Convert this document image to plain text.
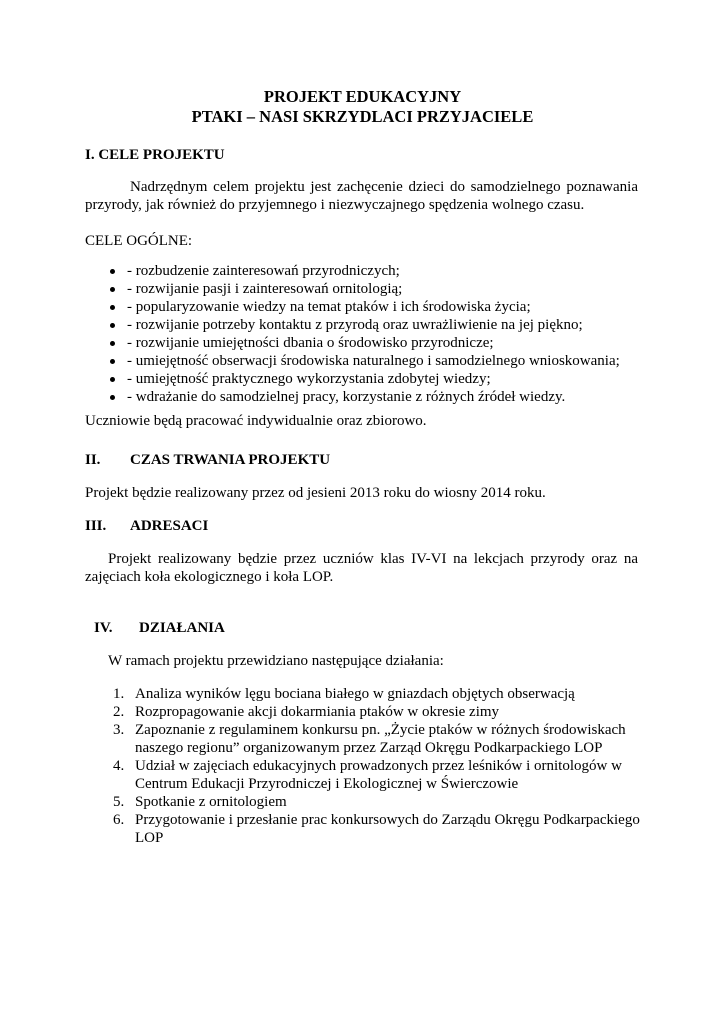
PROJEKT EDUKACYJNY
PTAKI – NASI SKRZYDLACI PRZYJACIELE
I. CELE PROJEKTU
Nadrzędnym celem projektu jest zachęcenie dzieci do samodzielnego poznawania
przyrody, jak również do przyjemnego i niezwyczajnego spędzenia wolnego czasu.
CELE OGÓLNE:
- rozbudzenie zainteresowań przyrodniczych;
- rozwijanie pasji i zainteresowań ornitologią;
- popularyzowanie wiedzy na temat ptaków i ich środowiska życia;
- rozwijanie potrzeby kontaktu z przyrodą oraz uwrażliwienie na jej piękno;
- rozwijanie umiejętności dbania o środowisko przyrodnicze;
- umiejętność obserwacji środowiska naturalnego i samodzielnego wnioskowania;
- umiejętność praktycznego wykorzystania zdobytej wiedzy;
- wdrażanie do samodzielnej pracy, korzystanie z różnych źródeł wiedzy.
Uczniowie będą pracować indywidualnie oraz zbiorowo.
II. CZAS TRWANIA PROJEKTU
Projekt będzie realizowany przez od jesieni 2013 roku do wiosny 2014 roku.
III. ADRESACI
Projekt realizowany będzie przez uczniów klas IV-VI na lekcjach przyrody oraz na
zajęciach koła ekologicznego i koła LOP.
IV. DZIAŁANIA
W ramach projektu przewidziano następujące działania:
1. Analiza wyników lęgu bociana białego w gniazdach objętych obserwacją
2. Rozpropagowanie akcji dokarmiania ptaków w okresie zimy
3. Zapoznanie z regulaminem konkursu pn. „Życie ptaków w różnych środowiskach
naszego regionu” organizowanym przez Zarząd Okręgu Podkarpackiego LOP
4. Udział w zajęciach edukacyjnych prowadzonych przez leśników i ornitologów w
Centrum Edukacji Przyrodniczej i Ekologicznej w Świerczowie
5. Spotkanie z ornitologiem
6. Przygotowanie i przesłanie prac konkursowych do Zarządu Okręgu Podkarpackiego
LOP
